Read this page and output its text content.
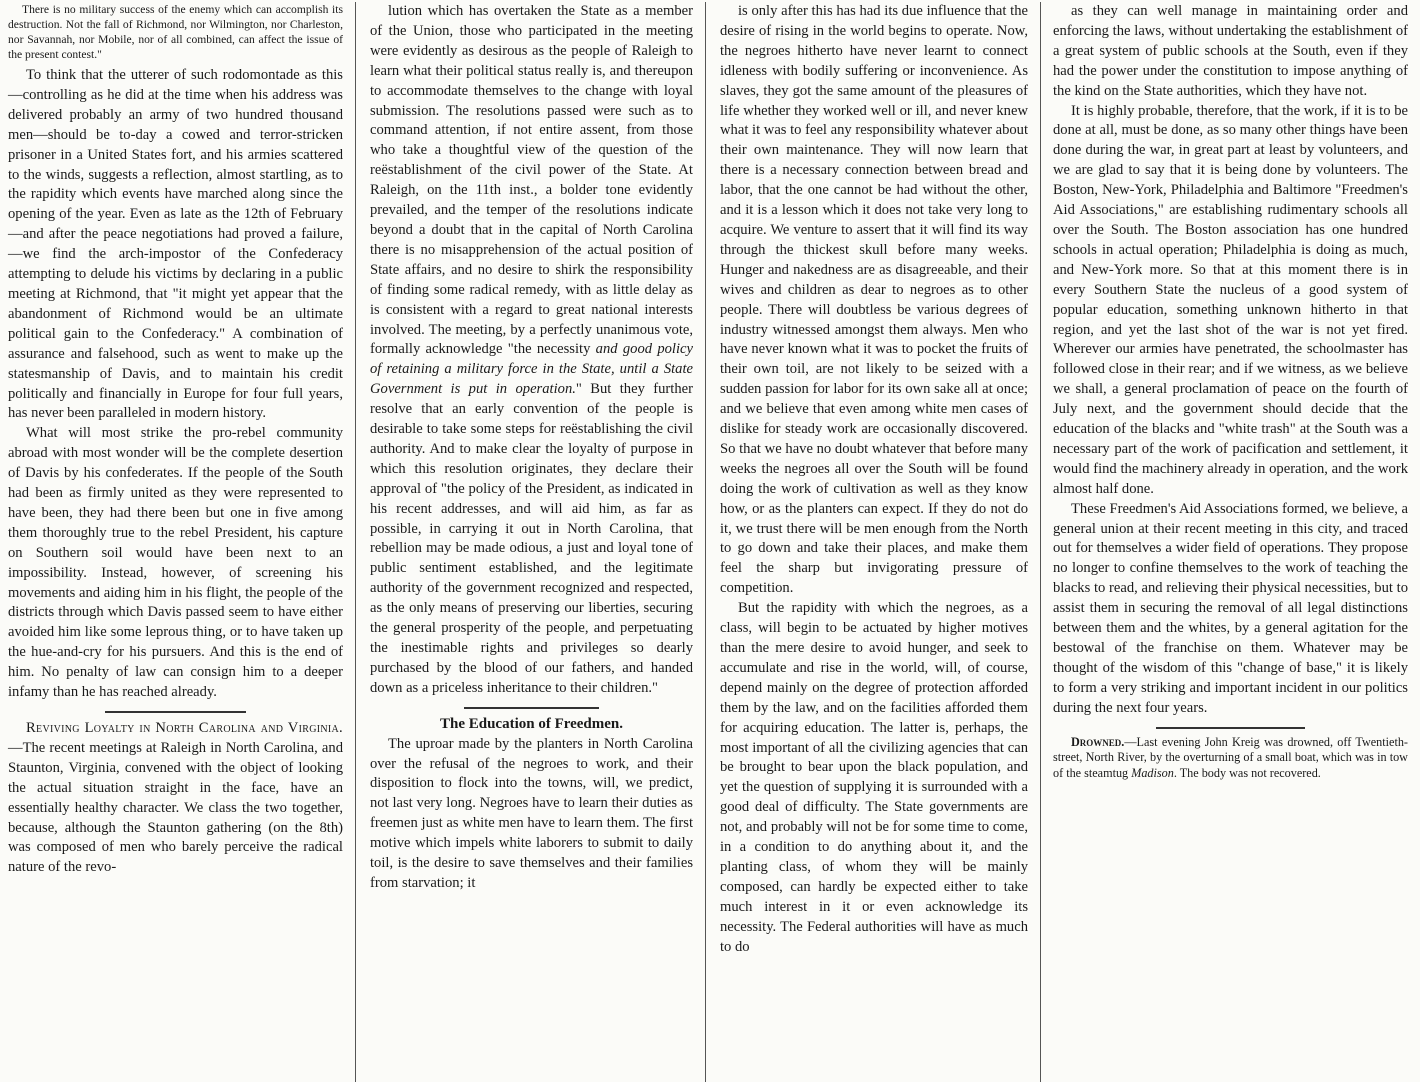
There is no military success of the enemy which can accomplish its destruction. Not the fall of Richmond, nor Wilmington, nor Charleston, nor Savannah, nor Mobile, nor of all combined, can affect the issue of the present contest."

To think that the utterer of such rodomontade as this—controlling as he did at the time when his address was delivered probably an army of two hundred thousand men—should be to-day a cowed and terror-stricken prisoner in a United States fort, and his armies scattered to the winds, suggests a reflection, almost startling, as to the rapidity which events have marched along since the opening of the year. Even as late as the 12th of February—and after the peace negotiations had proved a failure,—we find the arch-impostor of the Confederacy attempting to delude his victims by declaring in a public meeting at Richmond, that "it might yet appear that the abandonment of Richmond would be an ultimate political gain to the Confederacy." A combination of assurance and falsehood, such as went to make up the statesmanship of Davis, and to maintain his credit politically and financially in Europe for four full years, has never been paralleled in modern history.

What will most strike the pro-rebel community abroad with most wonder will be the complete desertion of Davis by his confederates. If the people of the South had been as firmly united as they were represented to have been, they had there been but one in five among them thoroughly true to the rebel President, his capture on Southern soil would have been next to an impossibility. Instead, however, of screening his movements and aiding him in his flight, the people of the districts through which Davis passed seem to have either avoided him like some leprous thing, or to have taken up the hue-and-cry for his pursuers. And this is the end of him. No penalty of law can consign him to a deeper infamy than he has reached already.

Reviving Loyalty in North Carolina and Virginia.—The recent meetings at Raleigh in North Carolina, and Staunton, Virginia, convened with the object of looking the actual situation straight in the face, have an essentially healthy character. We class the two together, because, although the Staunton gathering (on the 8th) was composed of men who barely perceive the radical nature of the revo-

lution which has overtaken the State as a member of the Union, those who participated in the meeting were evidently as desirous as the people of Raleigh to learn what their political status really is, and thereupon to accommodate themselves to the change with loyal submission. The resolutions passed were such as to command attention, if not entire assent, from those who take a thoughtful view of the question of the reëstablishment of the civil power of the State. At Raleigh, on the 11th inst., a bolder tone evidently prevailed, and the temper of the resolutions indicate beyond a doubt that in the capital of North Carolina there is no misapprehension of the actual position of State affairs, and no desire to shirk the responsibility of finding some radical remedy, with as little delay as is consistent with a regard to great national interests involved. The meeting, by a perfectly unanimous vote, formally acknowledge "the necessity and good policy of retaining a military force in the State, until a State Government is put in operation." But they further resolve that an early convention of the people is desirable to take some steps for reëstablishing the civil authority. And to make clear the loyalty of purpose in which this resolution originates, they declare their approval of "the policy of the President, as indicated in his recent addresses, and will aid him, as far as possible, in carrying it out in North Carolina, that rebellion may be made odious, a just and loyal tone of public sentiment established, and the legitimate authority of the government recognized and respected, as the only means of preserving our liberties, securing the general prosperity of the people, and perpetuating the inestimable rights and privileges so dearly purchased by the blood of our fathers, and handed down as a priceless inheritance to their children."

The Education of Freedmen.

The uproar made by the planters in North Carolina over the refusal of the negroes to work, and their disposition to flock into the towns, will, we predict, not last very long. Negroes have to learn their duties as freemen just as white men have to learn them. The first motive which impels white laborers to submit to daily toil, is the desire to save themselves and their families from starvation; it

is only after this has had its due influence that the desire of rising in the world begins to operate. Now, the negroes hitherto have never learnt to connect idleness with bodily suffering or inconvenience. As slaves, they got the same amount of the pleasures of life whether they worked well or ill, and never knew what it was to feel any responsibility whatever about their own maintenance. They will now learn that there is a necessary connection between bread and labor, that the one cannot be had without the other, and it is a lesson which it does not take very long to acquire. We venture to assert that it will find its way through the thickest skull before many weeks. Hunger and nakedness are as disagreeable, and their wives and children as dear to negroes as to other people. There will doubtless be various degrees of industry witnessed amongst them always. Men who have never known what it was to pocket the fruits of their own toil, are not likely to be seized with a sudden passion for labor for its own sake all at once; and we believe that even among white men cases of dislike for steady work are occasionally discovered. So that we have no doubt whatever that before many weeks the negroes all over the South will be found doing the work of cultivation as well as they know how, or as the planters can expect. If they do not do it, we trust there will be men enough from the North to go down and take their places, and make them feel the sharp but invigorating pressure of competition.

But the rapidity with which the negroes, as a class, will begin to be actuated by higher motives than the mere desire to avoid hunger, and seek to accumulate and rise in the world, will, of course, depend mainly on the degree of protection afforded them by the law, and on the facilities afforded them for acquiring education. The latter is, perhaps, the most important of all the civilizing agencies that can be brought to bear upon the black population, and yet the question of supplying it is surrounded with a good deal of difficulty. The State governments are not, and probably will not be for some time to come, in a condition to do anything about it, and the planting class, of whom they will be mainly composed, can hardly be expected either to take much interest in it or even acknowledge its necessity. The Federal authorities will have as much to do

as they can well manage in maintaining order and enforcing the laws, without undertaking the establishment of a great system of public schools at the South, even if they had the power under the constitution to impose anything of the kind on the State authorities, which they have not.

It is highly probable, therefore, that the work, if it is to be done at all, must be done, as so many other things have been done during the war, in great part at least by volunteers, and we are glad to say that it is being done by volunteers. The Boston, New-York, Philadelphia and Baltimore "Freedmen's Aid Associations," are establishing rudimentary schools all over the South. The Boston association has one hundred schools in actual operation; Philadelphia is doing as much, and New-York more. So that at this moment there is in every Southern State the nucleus of a good system of popular education, something unknown hitherto in that region, and yet the last shot of the war is not yet fired. Wherever our armies have penetrated, the schoolmaster has followed close in their rear; and if we witness, as we believe we shall, a general proclamation of peace on the fourth of July next, and the government should decide that the education of the blacks and "white trash" at the South was a necessary part of the work of pacification and settlement, it would find the machinery already in operation, and the work almost half done.

These Freedmen's Aid Associations formed, we believe, a general union at their recent meeting in this city, and traced out for themselves a wider field of operations. They propose no longer to confine themselves to the work of teaching the blacks to read, and relieving their physical necessities, but to assist them in securing the removal of all legal distinctions between them and the whites, by a general agitation for the bestowal of the franchise on them. Whatever may be thought of the wisdom of this "change of base," it is likely to form a very striking and important incident in our politics during the next four years.

Drowned.—Last evening John Kreig was drowned, off Twentieth-street, North River, by the overturning of a small boat, which was in tow of the steamtug Madison. The body was not recovered.
